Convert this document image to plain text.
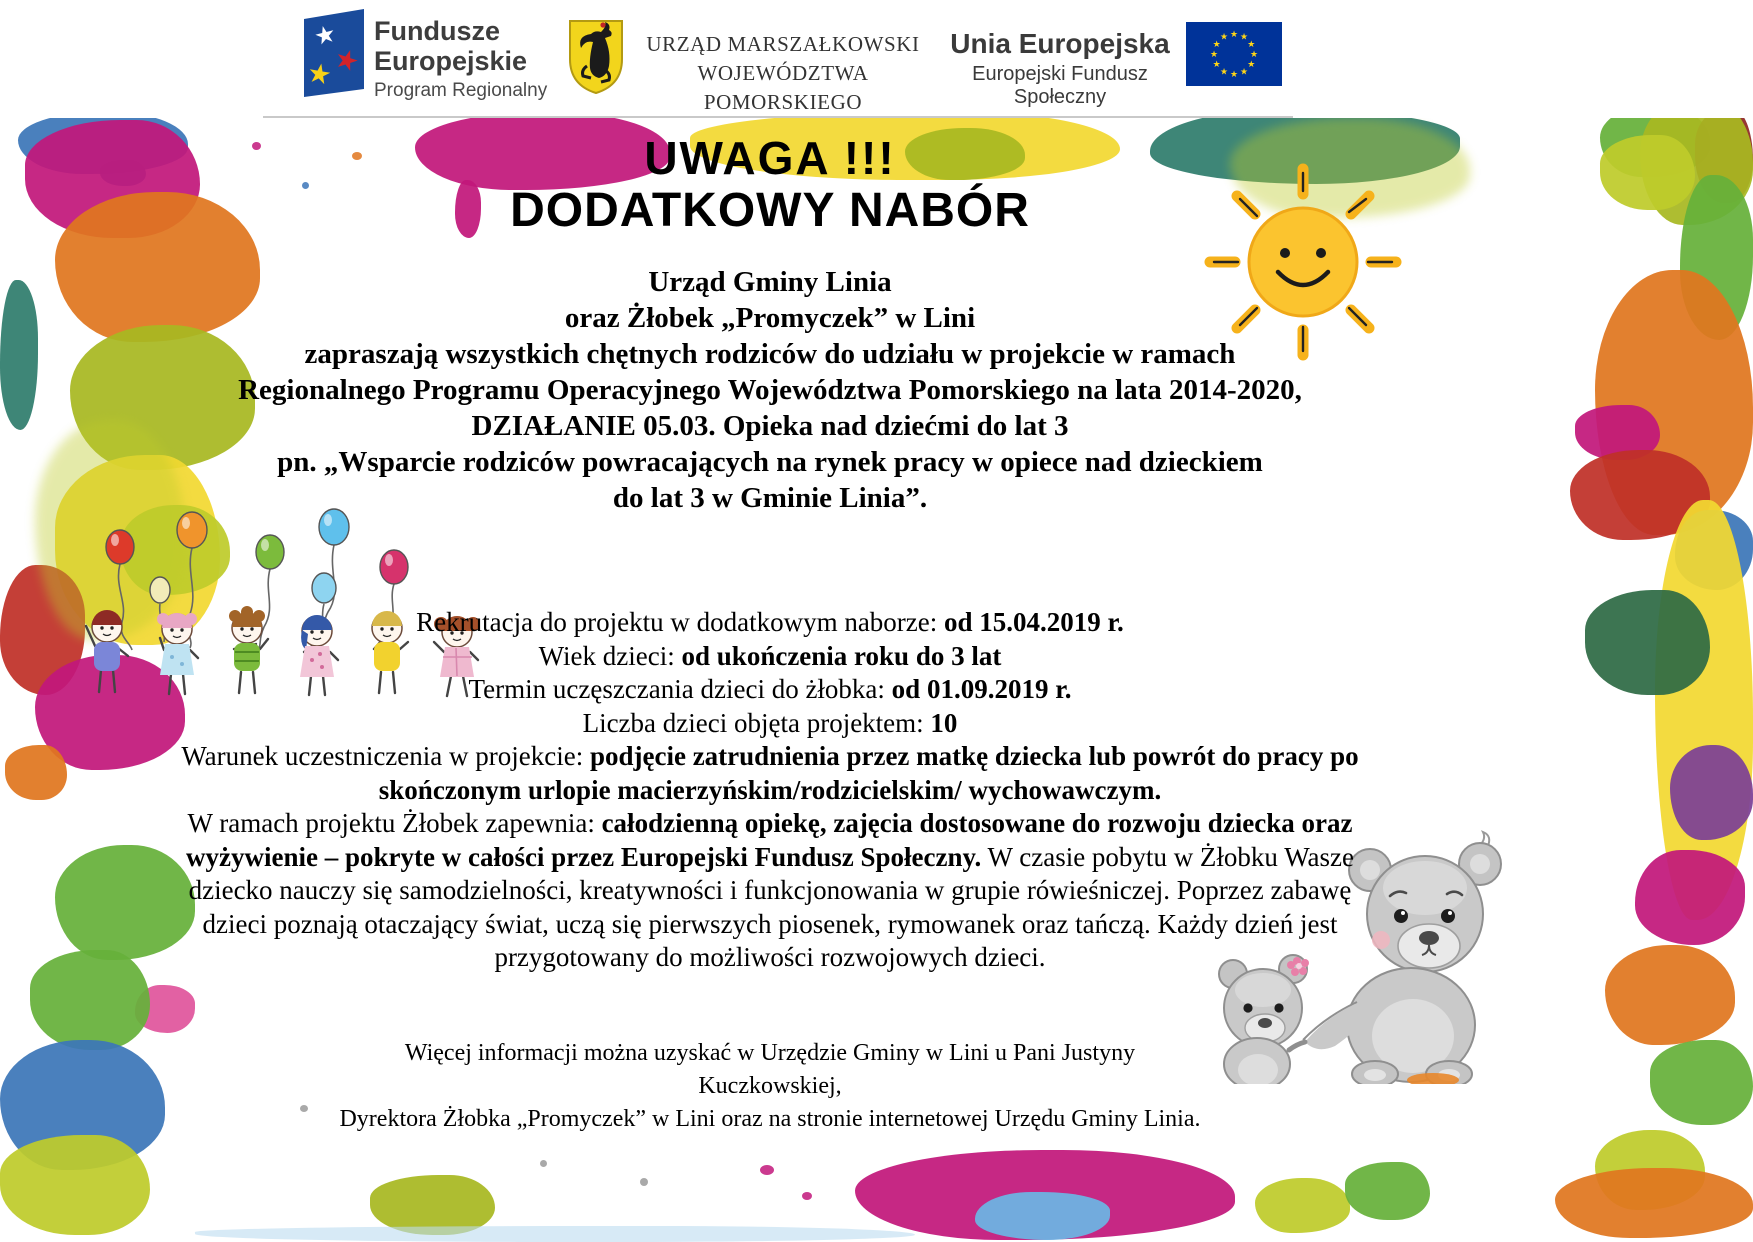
★
★
★
Fundusze
Europejskie
Program Regionalny
URZĄD MARSZAŁKOWSKI
WOJEWÓDZTWA POMORSKIEGO
Unia Europejska
Europejski Fundusz Społeczny
★ ★
★
★
★
★
★
★
★
★
★
★
UWAGA !!!
DODATKOWY NABÓR
Urząd Gminy Linia
oraz Żłobek „Promyczek” w Lini
zapraszają wszystkich chętnych rodziców do udziału w projekcie w ramach
Regionalnego Programu Operacyjnego Województwa Pomorskiego na lata 2014-2020,
DZIAŁANIE 05.03. Opieka nad dziećmi do lat 3
pn. „Wsparcie rodziców powracających na rynek pracy w opiece nad dzieckiem
do lat 3 w Gminie Linia”.
Rekrutacja do projektu w dodatkowym naborze: od 15.04.2019 r.
Wiek dzieci: od ukończenia roku do 3 lat
Termin uczęszczania dzieci do żłobka: od 01.09.2019 r.
Liczba dzieci objęta projektem: 10
Warunek uczestniczenia w projekcie: podjęcie zatrudnienia przez matkę dziecka lub powrót do pracy po skończonym urlopie macierzyńskim/rodzicielskim/ wychowawczym.
W ramach projektu Żłobek zapewnia: całodzienną opiekę, zajęcia dostosowane do rozwoju dziecka oraz wyżywienie – pokryte w całości przez Europejski Fundusz Społeczny. W czasie pobytu w Żłobku Wasze dziecko nauczy się samodzielności, kreatywności i funkcjonowania w grupie rówieśniczej. Poprzez zabawę dzieci poznają otaczający świat, uczą się pierwszych piosenek, rymowanek oraz tańczą. Każdy dzień jest przygotowany do możliwości rozwojowych dzieci.
Więcej informacji można uzyskać w Urzędzie Gminy w Lini u Pani Justyny Kuczkowskiej,
Dyrektora Żłobka „Promyczek” w Lini oraz na stronie internetowej Urzędu Gminy Linia.
